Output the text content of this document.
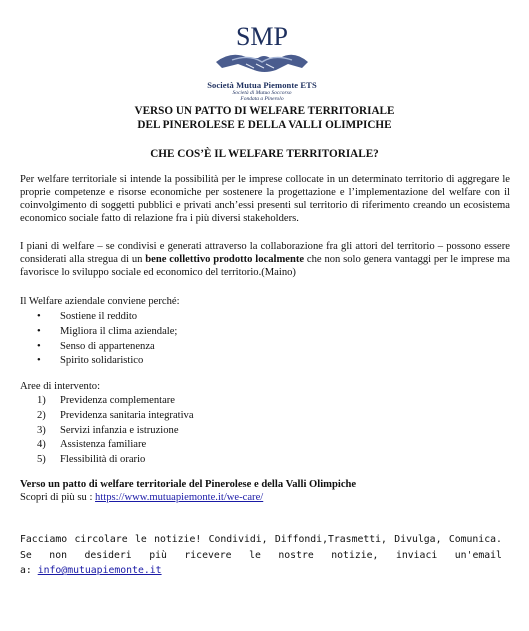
SMP
Società Mutua Piemonte ETS
Società di Mutuo Soccorso
Fondata a Pinerolo
VERSO UN PATTO DI WELFARE TERRITORIALE
DEL PINEROLESE E DELLA VALLI OLIMPICHE
CHE COS’È IL WELFARE TERRITORIALE?
Per welfare territoriale si intende la possibilità per le imprese collocate in un determinato territorio di aggregare le proprie competenze e risorse economiche per sostenere la progettazione e l’implementazione del welfare con il coinvolgimento di soggetti pubblici e privati anch’essi presenti sul territorio di riferimento creando un ecosistema economico sociale fatto di relazione fra i più diversi stakeholders.
I piani di welfare – se condivisi e generati attraverso la collaborazione fra gli attori del territorio – possono essere considerati alla stregua di un bene collettivo prodotto localmente che non solo genera vantaggi per le imprese ma favorisce lo sviluppo sociale ed economico del territorio.(Maino)
Il Welfare aziendale conviene perché:
• Sostiene il reddito
• Migliora il clima aziendale;
• Senso di appartenenza
• Spirito solidaristico
Aree di intervento:
1) Previdenza complementare
2) Previdenza sanitaria integrativa
3) Servizi infanzia e istruzione
4) Assistenza familiare
5) Flessibilità di orario
Verso un patto di welfare territoriale del Pinerolese e della Valli Olimpiche
Scopri di più su : https://www.mutuapiemonte.it/we-care/
Facciamo circolare le notizie! Condividi, Diffondi,Trasmetti, Divulga, Comunica.
Se non desideri più ricevere le nostre notizie, inviaci un'email
a: info@mutuapiemonte.it
